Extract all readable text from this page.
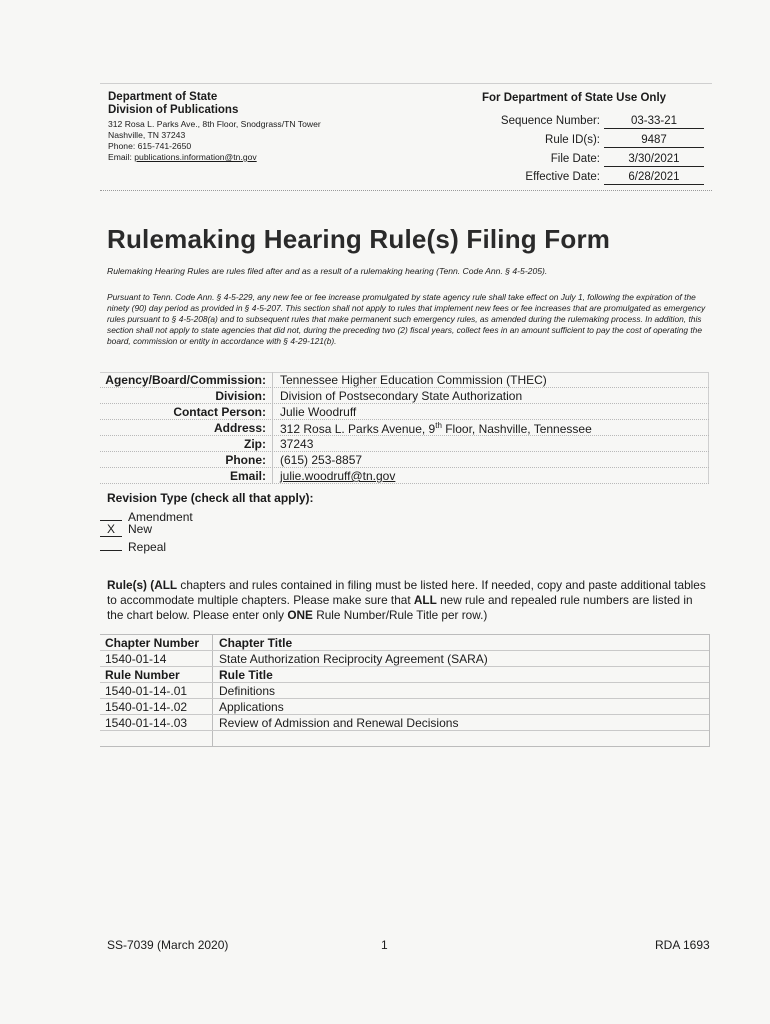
Department of State
Division of Publications
312 Rosa L. Parks Ave., 8th Floor, Snodgrass/TN Tower
Nashville, TN 37243
Phone: 615-741-2650
Email: publications.information@tn.gov
For Department of State Use Only
Sequence Number:	03-33-21
Rule ID(s):	9487
File Date:	3/30/2021
Effective Date:	6/28/2021
Rulemaking Hearing Rule(s) Filing Form
Rulemaking Hearing Rules are rules filed after and as a result of a rulemaking hearing (Tenn. Code Ann. § 4-5-205).
Pursuant to Tenn. Code Ann. § 4-5-229, any new fee or fee increase promulgated by state agency rule shall take effect on July 1, following the expiration of the ninety (90) day period as provided in § 4-5-207. This section shall not apply to rules that implement new fees or fee increases that are promulgated as emergency rules pursuant to § 4-5-208(a) and to subsequent rules that make permanent such emergency rules, as amended during the rulemaking process. In addition, this section shall not apply to state agencies that did not, during the preceding two (2) fiscal years, collect fees in an amount sufficient to pay the cost of operating the board, commission or entity in accordance with § 4-29-121(b).
Agency/Board/Commission: Tennessee Higher Education Commission (THEC)
Division: Division of Postsecondary State Authorization
Contact Person: Julie Woodruff
Address: 312 Rosa L. Parks Avenue, 9th Floor, Nashville, Tennessee
Zip: 37243
Phone: (615) 253-8857
Email: julie.woodruff@tn.gov
Revision Type (check all that apply):
Amendment
X New
Repeal
Rule(s) (ALL chapters and rules contained in filing must be listed here. If needed, copy and paste additional tables to accommodate multiple chapters. Please make sure that ALL new rule and repealed rule numbers are listed in the chart below. Please enter only ONE Rule Number/Rule Title per row.)
Chapter Number Chapter Title
1540-01-14	State Authorization Reciprocity Agreement (SARA)
Rule Number	Rule Title
1540-01-14-.01	Definitions
1540-01-14-.02	Applications
1540-01-14-.03	Review of Admission and Renewal Decisions
SS-7039 (March 2020)	1	RDA 1693
